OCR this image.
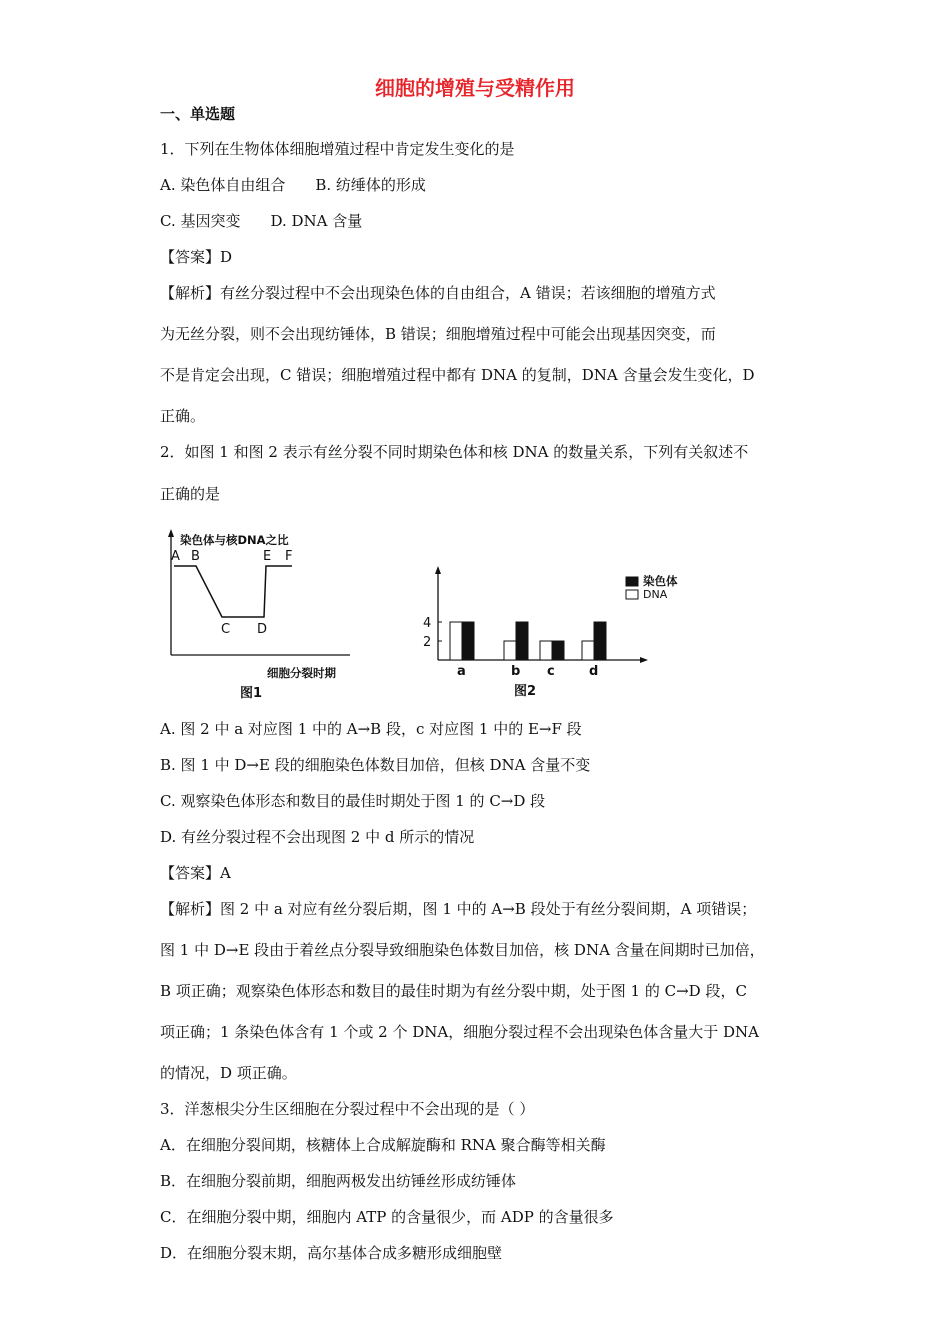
细胞的增殖与受精作用
一、单选题
1．下列在生物体体细胞增殖过程中肯定发生变化的是
A. 染色体自由组合 B. 纺缍体的形成
C. 基因突变 D. DNA 含量
【答案】D
【解析】有丝分裂过程中不会出现染色体的自由组合，A 错误；若该细胞的增殖方式
为无丝分裂，则不会出现纺锤体，B 错误；细胞增殖过程中可能会出现基因突变，而
不是肯定会出现，C 错误；细胞增殖过程中都有 DNA 的复制，DNA 含量会发生变化，D
正确。
2．如图 1 和图 2 表示有丝分裂不同时期染色体和核 DNA 的数量关系，下列有关叙述不
正确的是
染色体与核DNA之比
A B
C D
E F
细胞分裂时期
图1
2
4
a	b c	d
染色体
DNA
图2
A. 图 2 中 a 对应图 1 中的 A→B 段，c 对应图 1 中的 E→F 段
B. 图 1 中 D→E 段的细胞染色体数目加倍，但核 DNA 含量不变
C. 观察染色体形态和数目的最佳时期处于图 1 的 C→D 段
D. 有丝分裂过程不会出现图 2 中 d 所示的情况
【答案】A
【解析】图 2 中 a 对应有丝分裂后期，图 1 中的 A→B 段处于有丝分裂间期，A 项错误；
图 1 中 D→E 段由于着丝点分裂导致细胞染色体数目加倍，核 DNA 含量在间期时已加倍，
B 项正确；观察染色体形态和数目的最佳时期为有丝分裂中期，处于图 1 的 C→D 段，C
项正确；1 条染色体含有 1 个或 2 个 DNA，细胞分裂过程不会出现染色体含量大于 DNA
的情况，D 项正确。
3．洋葱根尖分生区细胞在分裂过程中不会出现的是（ ）
A．在细胞分裂间期，核糖体上合成解旋酶和 RNA 聚合酶等相关酶
B．在细胞分裂前期，细胞两极发出纺锤丝形成纺锤体
C．在细胞分裂中期，细胞内 ATP 的含量很少，而 ADP 的含量很多
D．在细胞分裂末期，高尔基体合成多糖形成细胞壁
